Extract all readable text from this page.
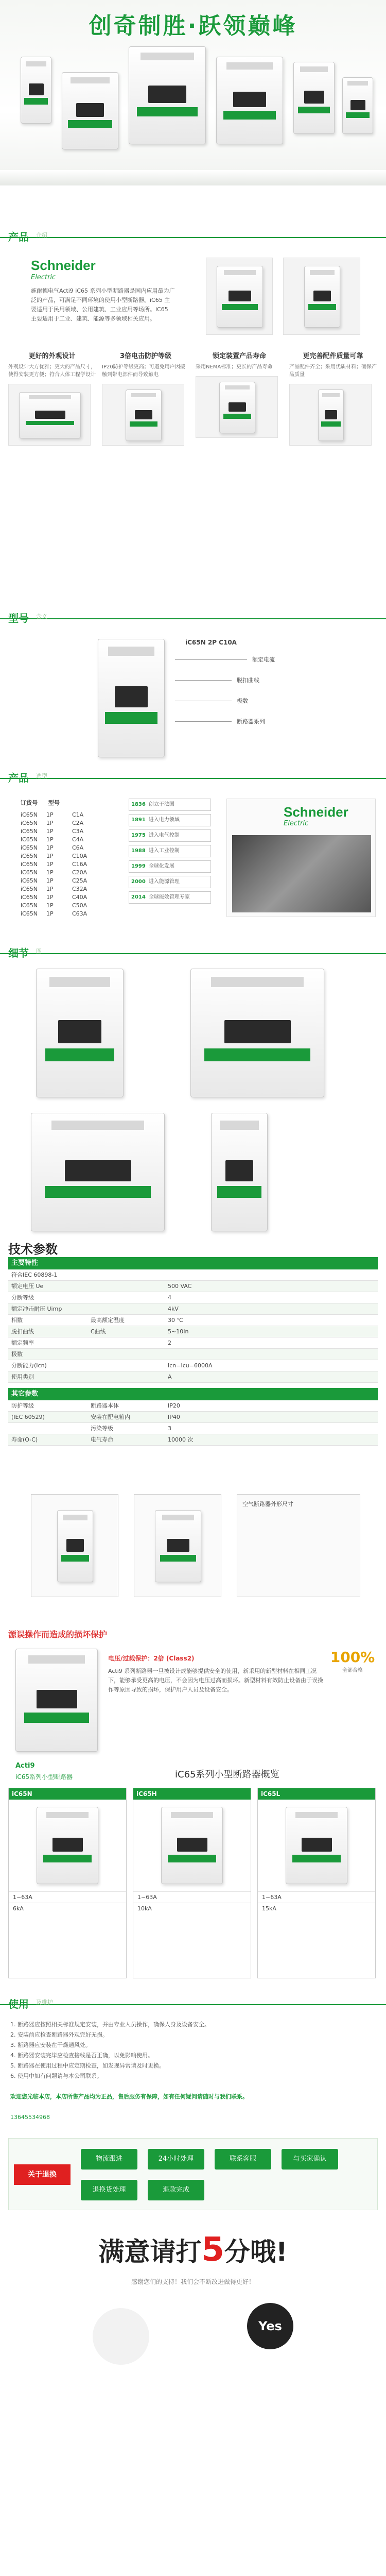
创奇制胜·跃领巅峰
产品 介绍
Schneider
Electric
施耐德电气Acti9 iC65 系列小型断路器是国内应用最为广泛的产品，可满足不同环境的使用小型断路器。iC65 主要适用于民用领域、公用建筑、工业应用等场所。iC65 主要适用于工业、建筑、能源等多领域相关应用。
更好的外观设计
外观设计大方优雅；更大的产品尺寸，使得安装更方便；符合人体工程学设计
3倍电击防护等级
IP20防护等级更高；可避免用户因接触到带电部件而导致触电
锁定装置产品寿命
采用NEMA标准；更长的产品寿命
更完善配件质量可靠
产品配件齐全；采用优质材料；确保产品质量
型号 含义
iC65N 2P C10A
额定电流
脱扣曲线
极数
断路器系列
产品 选型
订货号 型号
Schneider
Electric
细节 图
技术参数
空气断路器外形尺寸
源误操作而造成的损坏保护
电压/过载保护：2倍 (Class2)
Acti9 系列断路器一旦被设计成能够提供安全的使用，新采用的新型材料在相同工况下，能够承受更高的电压，不会因为电压过高而损坏。新型材料有效防止设备由于误操作等原因导致的损坏，保护用户人员及设备安全。
100%
全部合格
Acti9
iC65系列小型断路器	iC65系列小型断路器概览
使用 及维护
1. 断路器应按照相关标准规定安装，并由专业人员操作，确保人身及设备安全。
2. 安装前应检查断路器外观完好无损。
3. 断路器应安装在干燥通风处。
4. 断路器安装完毕应检查接线是否正确，以免影响使用。
5. 断路器在使用过程中应定期检查，如发现异常请及时更换。
6. 使用中如有问题请与本公司联系。
欢迎您光临本店，本店所售产品均为正品，售后服务有保障，如有任何疑问请随时与我们联系。
13645534968
关于退换
物流跟进	24小时处理	联系客服	与买家确认
退换货处理	退款完成
满意请打5分哦!
感谢您们的支持！我们会不断改进做得更好！
Yes
iC65N 1P	C1A
iC65N 1P	C2A
iC65N 1P	C3A
iC65N 1P	C4A
iC65N 1P	C6A
iC65N 1P	C10A
iC65N 1P	C16A
iC65N 1P	C20A
iC65N 1P	C25A
iC65N 1P	C32A
iC65N 1P	C40A
iC65N 1P	C50A
iC65N 1P	C63A
1836 创立于法国
1891 进入电力领域
1975 进入电气控制
1988 进入工业控制
1999 全球化发展
2000 进入能源管理
2014 全球能效管理专家
主要特性
符合IEC 60898-1
额定电压 Ue	500 VAC
分断等级	4
额定冲击耐压 Uimp	4kV
相数	最高额定温度	30 ℃
脱扣曲线	C曲线	5~10In
额定频率	2
极数
分断能力(Icn)	Icn=Icu=6000A
使用类别	A
其它参数
防护等级	断路器本体	IP20
(IEC 60529)	安装在配电箱内	IP40
污染等级	3
寿命(O-C)	电气寿命	10000 次
iC65N
1~63A
6kA
iC65H
1~63A
10kA
iC65L
1~63A
15kA
